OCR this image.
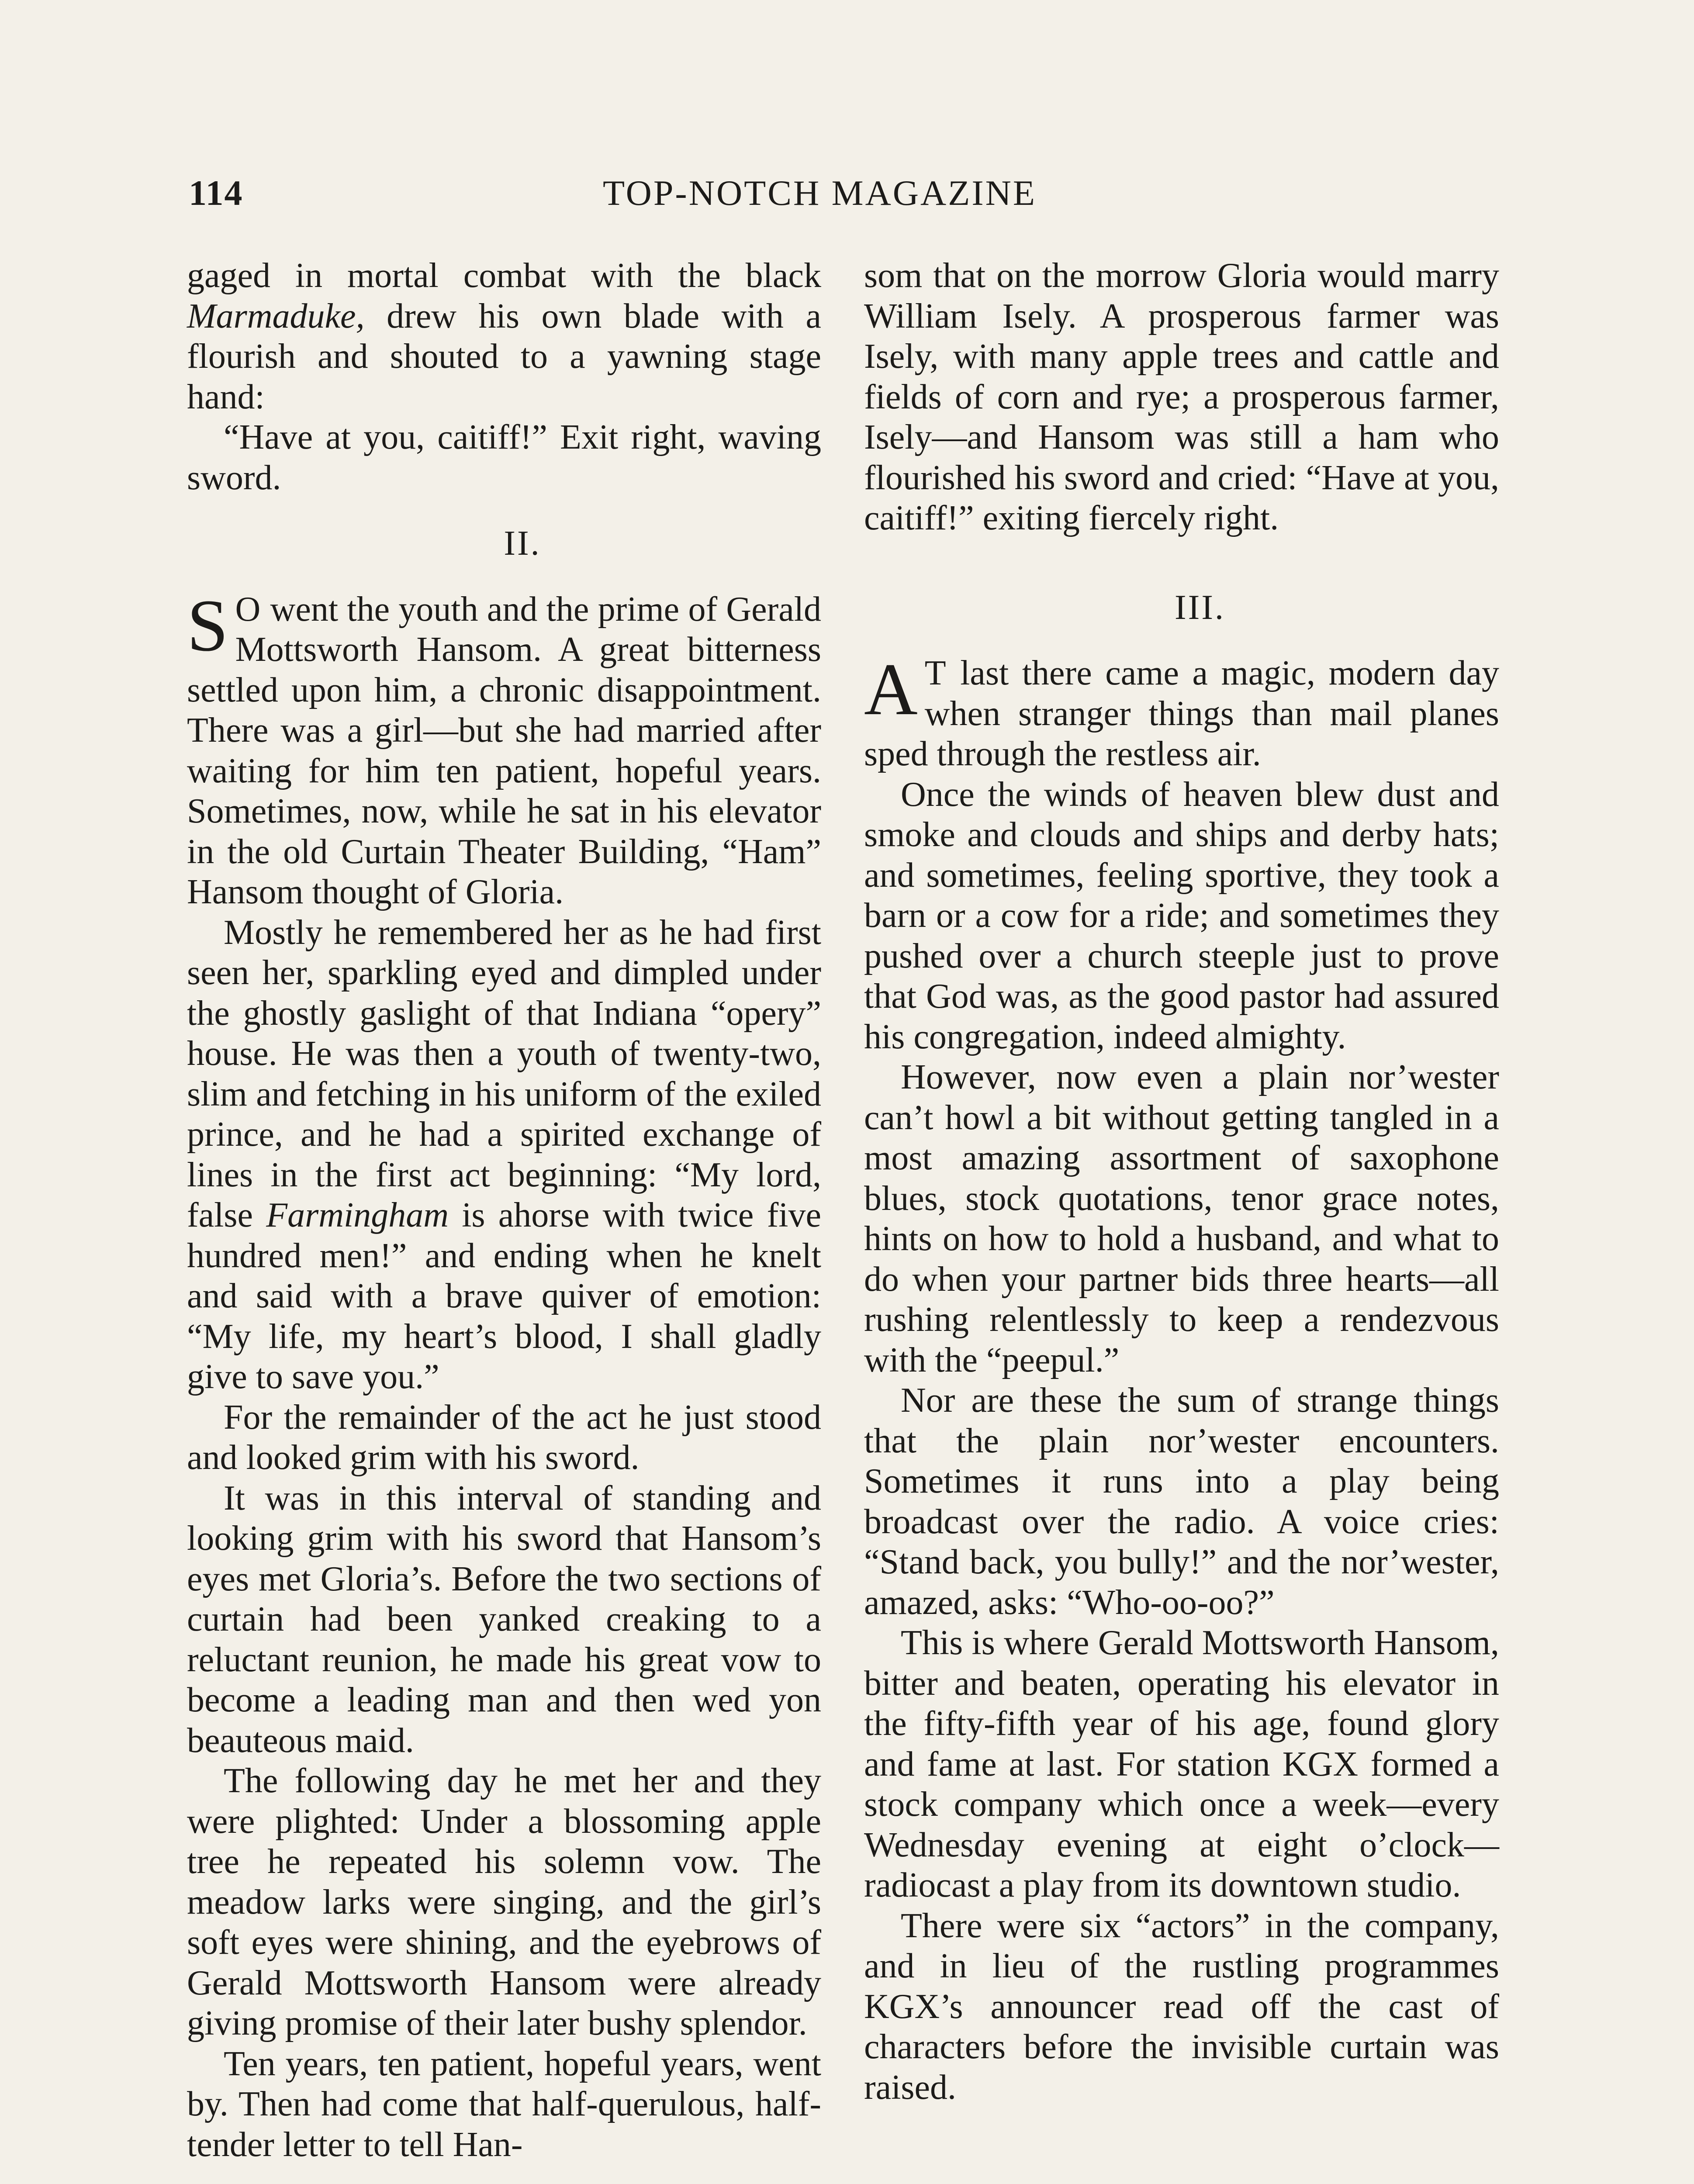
114	TOP-NOTCH MAGAZINE

gaged in mortal combat with the black Marmaduke, drew his own blade with a flourish and shouted to a yawning stage hand:

“Have at you, caitiff!” Exit right, waving sword.

II.

S O went the youth and the prime of Gerald Mottsworth Hansom. A great bitterness settled upon him, a chronic disappointment. There was a girl—but she had married after waiting for him ten patient, hopeful years. Sometimes, now, while he sat in his elevator in the old Curtain Theater Building, “Ham” Hansom thought of Gloria.

Mostly he remembered her as he had first seen her, sparkling eyed and dimpled under the ghostly gaslight of that Indiana “opery” house. He was then a youth of twenty-two, slim and fetching in his uniform of the exiled prince, and he had a spirited exchange of lines in the first act beginning: “My lord, false Farmingham is ahorse with twice five hundred men!” and ending when he knelt and said with a brave quiver of emotion: “My life, my heart’s blood, I shall gladly give to save you.”

For the remainder of the act he just stood and looked grim with his sword.

It was in this interval of standing and looking grim with his sword that Hansom’s eyes met Gloria’s. Before the two sections of curtain had been yanked creaking to a reluctant reunion, he made his great vow to become a leading man and then wed yon beauteous maid.

The following day he met her and they were plighted: Under a blossoming apple tree he repeated his solemn vow. The meadow larks were singing, and the girl’s soft eyes were shining, and the eyebrows of Gerald Mottsworth Hansom were already giving promise of their later bushy splendor.

Ten years, ten patient, hopeful years, went by. Then had come that half-querulous, half-tender letter to tell Han-

som that on the morrow Gloria would marry William Isely. A prosperous farmer was Isely, with many apple trees and cattle and fields of corn and rye; a prosperous farmer, Isely—and Hansom was still a ham who flourished his sword and cried: “Have at you, caitiff!” exiting fiercely right.

III.

A T last there came a magic, modern day when stranger things than mail planes sped through the restless air.

Once the winds of heaven blew dust and smoke and clouds and ships and derby hats; and sometimes, feeling sportive, they took a barn or a cow for a ride; and sometimes they pushed over a church steeple just to prove that God was, as the good pastor had assured his congregation, indeed almighty.

However, now even a plain nor’wester can’t howl a bit without getting tangled in a most amazing assortment of saxophone blues, stock quotations, tenor grace notes, hints on how to hold a husband, and what to do when your partner bids three hearts—all rushing relentlessly to keep a rendezvous with the “peepul.”

Nor are these the sum of strange things that the plain nor’wester encounters. Sometimes it runs into a play being broadcast over the radio. A voice cries: “Stand back, you bully!” and the nor’wester, amazed, asks: “Who-oo-oo?”

This is where Gerald Mottsworth Hansom, bitter and beaten, operating his elevator in the fifty-fifth year of his age, found glory and fame at last. For station KGX formed a stock company which once a week—every Wednesday evening at eight o’clock—radiocast a play from its downtown studio.

There were six “actors” in the company, and in lieu of the rustling programmes KGX’s announcer read off the cast of characters before the invisible curtain was raised.
